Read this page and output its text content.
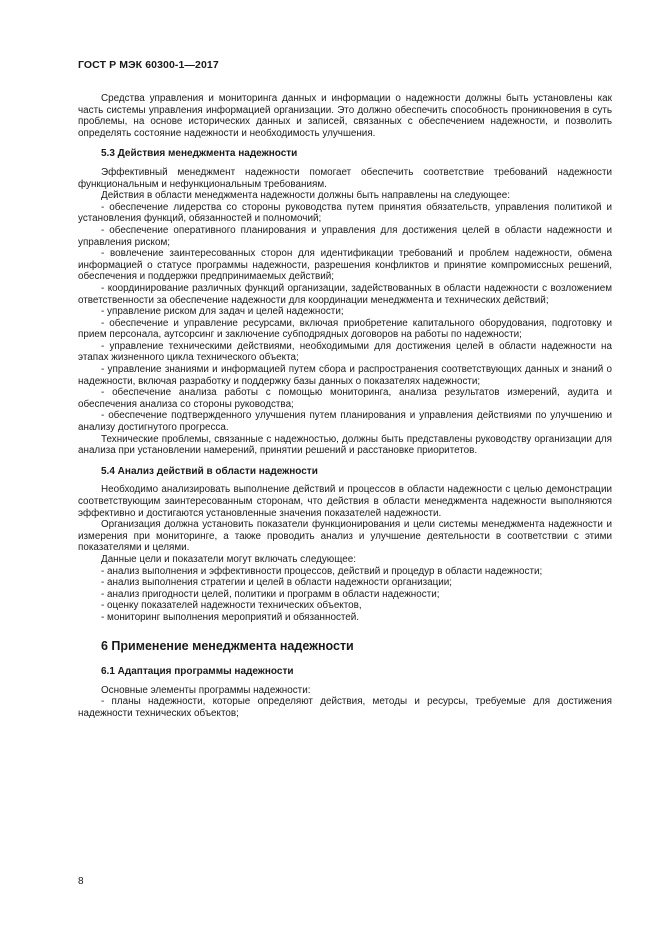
ГОСТ Р МЭК 60300-1—2017

Средства управления и мониторинга данных и информации о надежности должны быть установлены как часть системы управления информацией организации. Это должно обеспечить способность проникновения в суть проблемы, на основе исторических данных и записей, связанных с обеспечением надежности, и позволить определять состояние надежности и необходимость улучшения.

5.3 Действия менеджмента надежности

Эффективный менеджмент надежности помогает обеспечить соответствие требований надежности функциональным и нефункциональным требованиям.

Действия в области менеджмента надежности должны быть направлены на следующее:

- обеспечение лидерства со стороны руководства путем принятия обязательств, управления политикой и установления функций, обязанностей и полномочий;

- обеспечение оперативного планирования и управления для достижения целей в области надежности и управления риском;

- вовлечение заинтересованных сторон для идентификации требований и проблем надежности, обмена информацией о статусе программы надежности, разрешения конфликтов и принятие компромиссных решений, обеспечения и поддержки предпринимаемых действий;

- координирование различных функций организации, задействованных в области надежности с возложением ответственности за обеспечение надежности для координации менеджмента и технических действий;

- управление риском для задач и целей надежности;

- обеспечение и управление ресурсами, включая приобретение капитального оборудования, подготовку и прием персонала, аутсорсинг и заключение субподрядных договоров на работы по надежности;

- управление техническими действиями, необходимыми для достижения целей в области надежности на этапах жизненного цикла технического объекта;

- управление знаниями и информацией путем сбора и распространения соответствующих данных и знаний о надежности, включая разработку и поддержку базы данных о показателях надежности;

- обеспечение анализа работы с помощью мониторинга, анализа результатов измерений, аудита и обеспечения анализа со стороны руководства;

- обеспечение подтвержденного улучшения путем планирования и управления действиями по улучшению и анализу достигнутого прогресса.

Технические проблемы, связанные с надежностью, должны быть представлены руководству организации для анализа при установлении намерений, принятии решений и расстановке приоритетов.

5.4 Анализ действий в области надежности

Необходимо анализировать выполнение действий и процессов в области надежности с целью демонстрации соответствующим заинтересованным сторонам, что действия в области менеджмента надежности выполняются эффективно и достигаются установленные значения показателей надежности.

Организация должна установить показатели функционирования и цели системы менеджмента надежности и измерения при мониторинге, а также проводить анализ и улучшение деятельности в соответствии с этими показателями и целями.

Данные цели и показатели могут включать следующее:

- анализ выполнения и эффективности процессов, действий и процедур в области надежности;

- анализ выполнения стратегии и целей в области надежности организации;

- анализ пригодности целей, политики и программ в области надежности;

- оценку показателей надежности технических объектов,

- мониторинг выполнения мероприятий и обязанностей.

6 Применение менеджмента надежности
6.1 Адаптация программы надежности

Основные элементы программы надежности:

- планы надежности, которые определяют действия, методы и ресурсы, требуемые для достижения надежности технических объектов;

8
